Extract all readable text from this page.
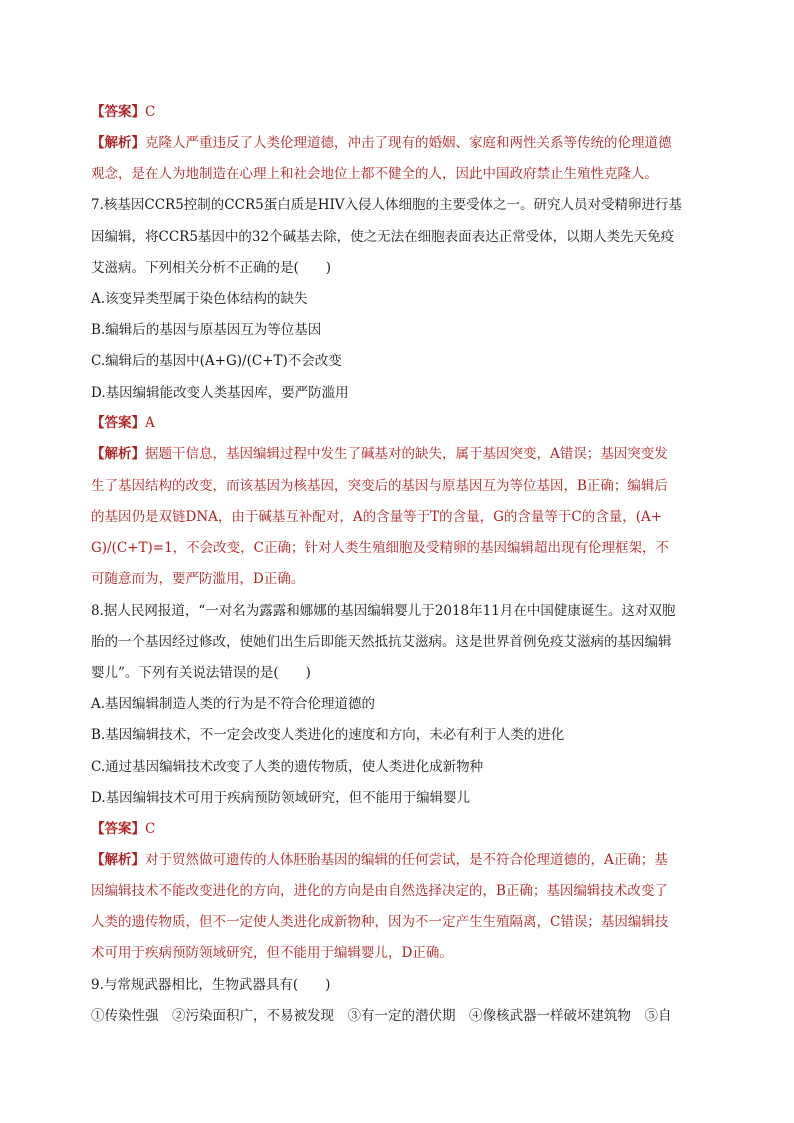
【答案】C
【解析】克隆人严重违反了人类伦理道德，冲击了现有的婚姻、家庭和两性关系等传统的伦理道德
观念，是在人为地制造在心理上和社会地位上都不健全的人，因此中国政府禁止生殖性克隆人。
7.核基因CCR5控制的CCR5蛋白质是HIV入侵人体细胞的主要受体之一。研究人员对受精卵进行基
因编辑，将CCR5基因中的32个碱基去除，使之无法在细胞表面表达正常受体，以期人类先天免疫
艾滋病。下列相关分析不正确的是(　　)
A.该变异类型属于染色体结构的缺失
B.编辑后的基因与原基因互为等位基因
C.编辑后的基因中(A+G)/(C+T)不会改变
D.基因编辑能改变人类基因库，要严防滥用
【答案】A
【解析】据题干信息，基因编辑过程中发生了碱基对的缺失，属于基因突变，A错误；基因突变发
生了基因结构的改变，而该基因为核基因，突变后的基因与原基因互为等位基因，B正确；编辑后
的基因仍是双链DNA，由于碱基互补配对，A的含量等于T的含量，G的含量等于C的含量，(A+
G)/(C+T)=1，不会改变，C正确；针对人类生殖细胞及受精卵的基因编辑超出现有伦理框架，不
可随意而为，要严防滥用，D正确。
8.据人民网报道，“一对名为露露和娜娜的基因编辑婴儿于2018年11月在中国健康诞生。这对双胞
胎的一个基因经过修改，使她们出生后即能天然抵抗艾滋病。这是世界首例免疫艾滋病的基因编辑
婴儿”。下列有关说法错误的是(　　)
A.基因编辑制造人类的行为是不符合伦理道德的
B.基因编辑技术，不一定会改变人类进化的速度和方向，未必有利于人类的进化
C.通过基因编辑技术改变了人类的遗传物质，使人类进化成新物种
D.基因编辑技术可用于疾病预防领域研究，但不能用于编辑婴儿
【答案】C
【解析】对于贸然做可遗传的人体胚胎基因的编辑的任何尝试，是不符合伦理道德的，A正确；基
因编辑技术不能改变进化的方向，进化的方向是由自然选择决定的，B正确；基因编辑技术改变了
人类的遗传物质，但不一定使人类进化成新物种，因为不一定产生生殖隔离，C错误；基因编辑技
术可用于疾病预防领域研究，但不能用于编辑婴儿，D正确。
9.与常规武器相比，生物武器具有(　　)
①传染性强　②污染面积广，不易被发现　③有一定的潜伏期　④像核武器一样破坏建筑物　⑤自
